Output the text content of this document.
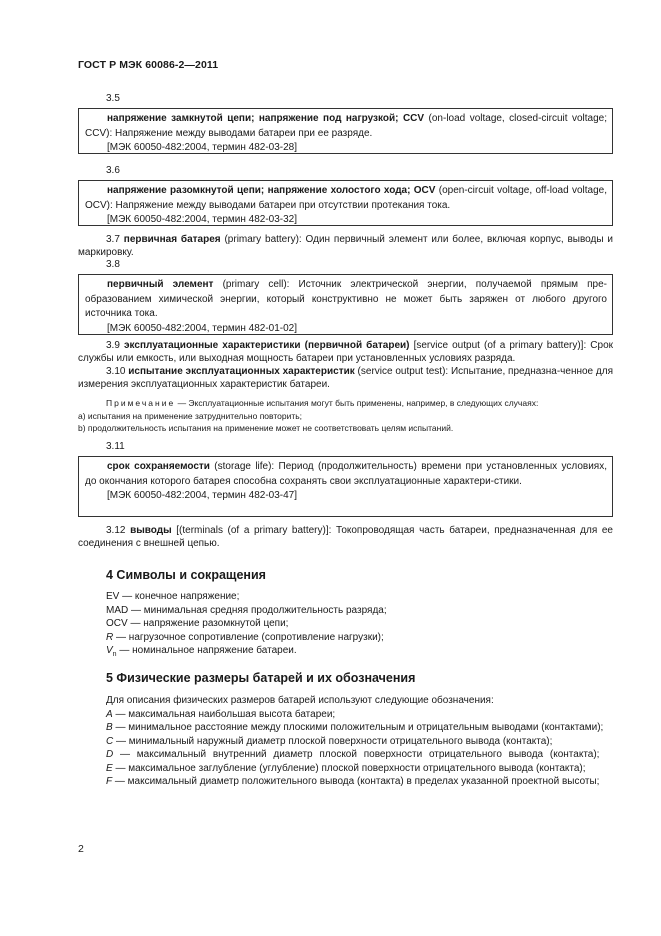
ГОСТ Р МЭК 60086-2—2011
3.5

напряжение замкнутой цепи; напряжение под нагрузкой; CCV (on-load voltage, closed-circuit voltage; CCV): Напряжение между выводами батареи при ее разряде.

[МЭК 60050-482:2004, термин 482-03-28]

3.6

напряжение разомкнутой цепи; напряжение холостого хода; OCV (open-circuit voltage, off-load voltage, OCV): Напряжение между выводами батареи при отсутствии протекания тока.

[МЭК 60050-482:2004, термин 482-03-32]

3.7 первичная батарея (primary battery): Один первичный элемент или более, включая корпус, выводы и маркировку.

3.8

первичный элемент (primary cell): Источник электрической энергии, получаемой прямым пре-образованием химической энергии, который конструктивно не может быть заряжен от любого другого источника тока.

[МЭК 60050-482:2004, термин 482-01-02]

3.9 эксплуатационные характеристики (первичной батареи) [service output (of a primary battery)]: Срок службы или емкость, или выходная мощность батареи при установленных условиях разряда.

3.10 испытание эксплуатационных характеристик (service output test): Испытание, предназна-ченное для измерения эксплуатационных характеристик батареи.

Примечание — Эксплуатационные испытания могут быть применены, например, в следующих случаях:

а) испытания на применение затруднительно повторить;

b) продолжительность испытания на применение может не соответствовать целям испытаний.

3.11

срок сохраняемости (storage life): Период (продолжительность) времени при установленных условиях, до окончания которого батарея способна сохранять свои эксплуатационные характери-стики.

[МЭК 60050-482:2004, термин 482-03-47]

3.12 выводы [(terminals (of a primary battery)]: Токопроводящая часть батареи, предназначенная для ее соединения с внешней цепью.

4 Символы и сокращения

EV — конечное напряжение;

MAD — минимальная средняя продолжительность разряда;

OCV — напряжение разомкнутой цепи;

R — нагрузочное сопротивление (сопротивление нагрузки);

$V_n$ — номинальное напряжение батареи.

5 Физические размеры батарей и их обозначения

Для описания физических размеров батарей используют следующие обозначения:

A — максимальная наибольшая высота батареи;

B — минимальное расстояние между плоскими положительным и отрицательным выводами (контактами);

C — минимальный наружный диаметр плоской поверхности отрицательного вывода (контакта);

D — максимальный внутренний диаметр плоской поверхности отрицательного вывода (контакта);

E — максимальное заглубление (углубление) плоской поверхности отрицательного вывода (контакта);

F — максимальный диаметр положительного вывода (контакта) в пределах указанной проектной высоты;

2
